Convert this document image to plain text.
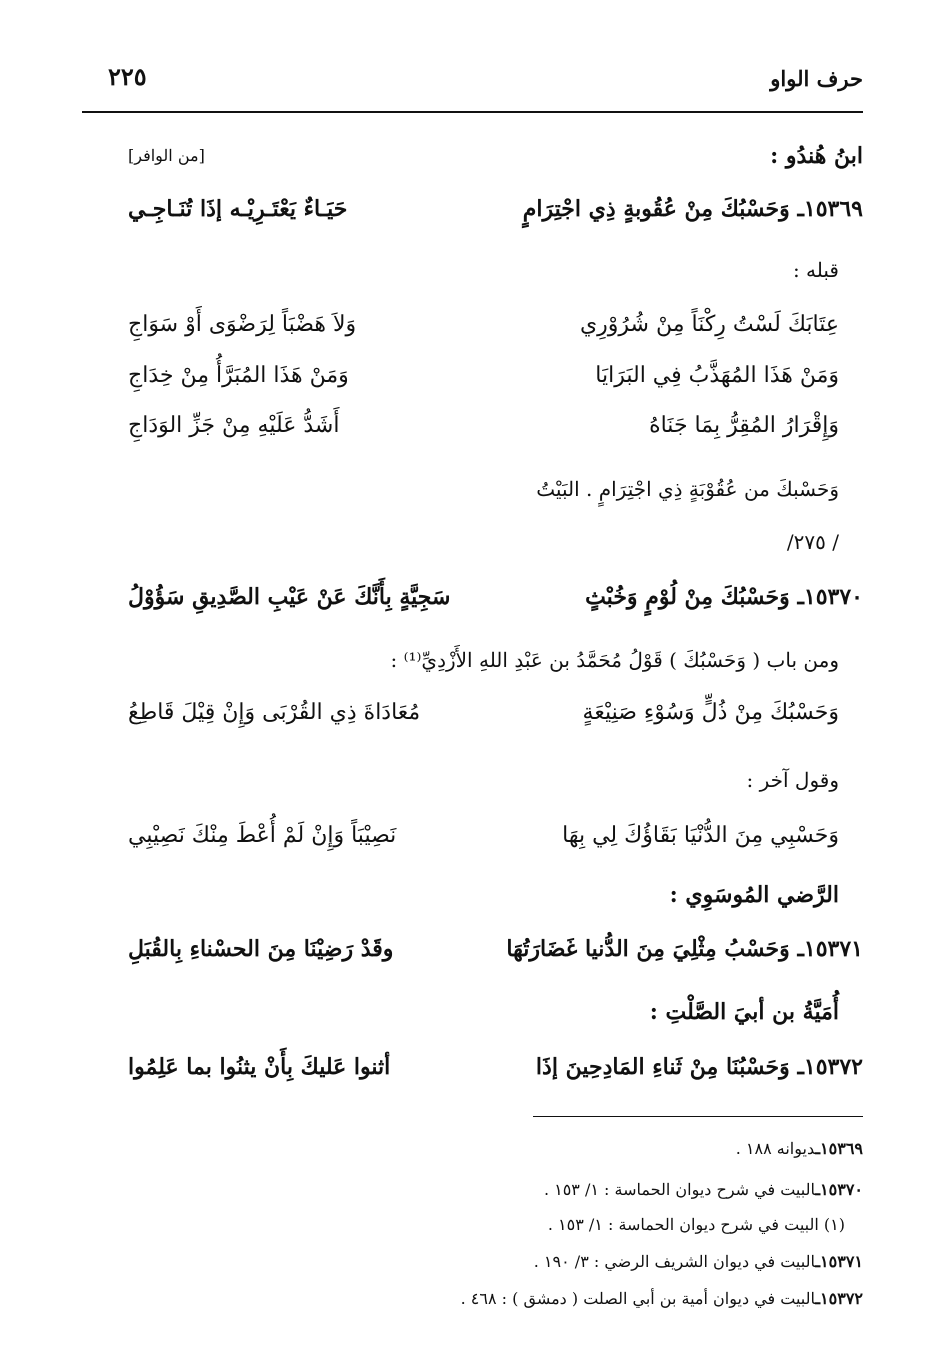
حرف الواو
٢٢٥
ابنُ هُندُو :
[من الوافر]
١٥٣٦٩ـ وَحَسْبُكَ مِنْ عُقُوبةٍ ذِي اجْتِرَامٍ
حَيَـاءٌ يَعْتَـرِيْـه إذَا تُنَـاجِـي
قبله :
عِتَابَكَ لَسْتُ رِكْنَاً مِنْ شُرُوْرِي
وَلاَ هَضْبَاً لِرَضْوَى أَوْ سَوَاجِ
وَمَنْ هَذَا المُهَذَّبُ فِي البَرَايَا
وَمَنْ هَذَا المُبَرَّأُ مِنْ خِدَاجِ
وَإِقْرَارُ المُقِرُّ بِمَا جَنَاهُ
أَشَدُّ عَلَيْهِ مِنْ جَزِّ الوَدَاجِ
وَحَسْبكَ من عُقُوْبَةٍ ذِي اجْتِرَامٍ . البَيْتُ
/ ٢٧٥/
١٥٣٧٠ـ وَحَسْبُكَ مِنْ لُوْمٍ وَخُبْثٍ
سَجِيَّةٍ بِأَنَّكَ عَنْ عَيْبِ الصَّدِيقِ سَؤُوْلُ
ومن باب ( وَحَسْبُكَ ) قَوْلُ مُحَمَّدُ بن عَبْدِ اللهِ الأَزْدِيِّ⁽¹⁾ :
وَحَسْبُكَ مِنْ ذُلٍّ وَسُوْءِ صَنِيْعَةٍ
مُعَادَاةَ ذِي القُرْبَى وَإِنْ قِيْلَ قَاطِعُ
وقول آخر :
وَحَسْبِي مِنَ الدُّنْيَا بَقَاؤُكَ لِي بِهَا
نَصِيْبَاً وَإِنْ لَمْ أُعْطَ مِنْكَ نَصِيْبِي
الرَّضي المُوسَوِي :
١٥٣٧١ـ وَحَسْبُ مِثْلِيَ مِنَ الدُّنيا غَضَارَتُهَا
وقَدْ رَضِيْنَا مِنَ الحسْناءِ بِالقُبَلِ
أُمَيَّةُ بن أبيَ الصَّلْتِ :
١٥٣٧٢ـ وَحَسْبُنَا مِنْ ثَناءِ المَادِحِينَ إذَا
أثنوا عَليكَ بِأَنْ يثنُوا بما عَلِمُوا
١٥٣٦٩ـديوانه ١٨٨ .
١٥٣٧٠ـالبيت في شرح ديوان الحماسة : ١/ ١٥٣ .
(١) البيت في شرح ديوان الحماسة : ١/ ١٥٣ .
١٥٣٧١ـالبيت في ديوان الشريف الرضي : ٣/ ١٩٠ .
١٥٣٧٢ـالبيت في ديوان أمية بن أبي الصلت ( دمشق ) : ٤٦٨ .
